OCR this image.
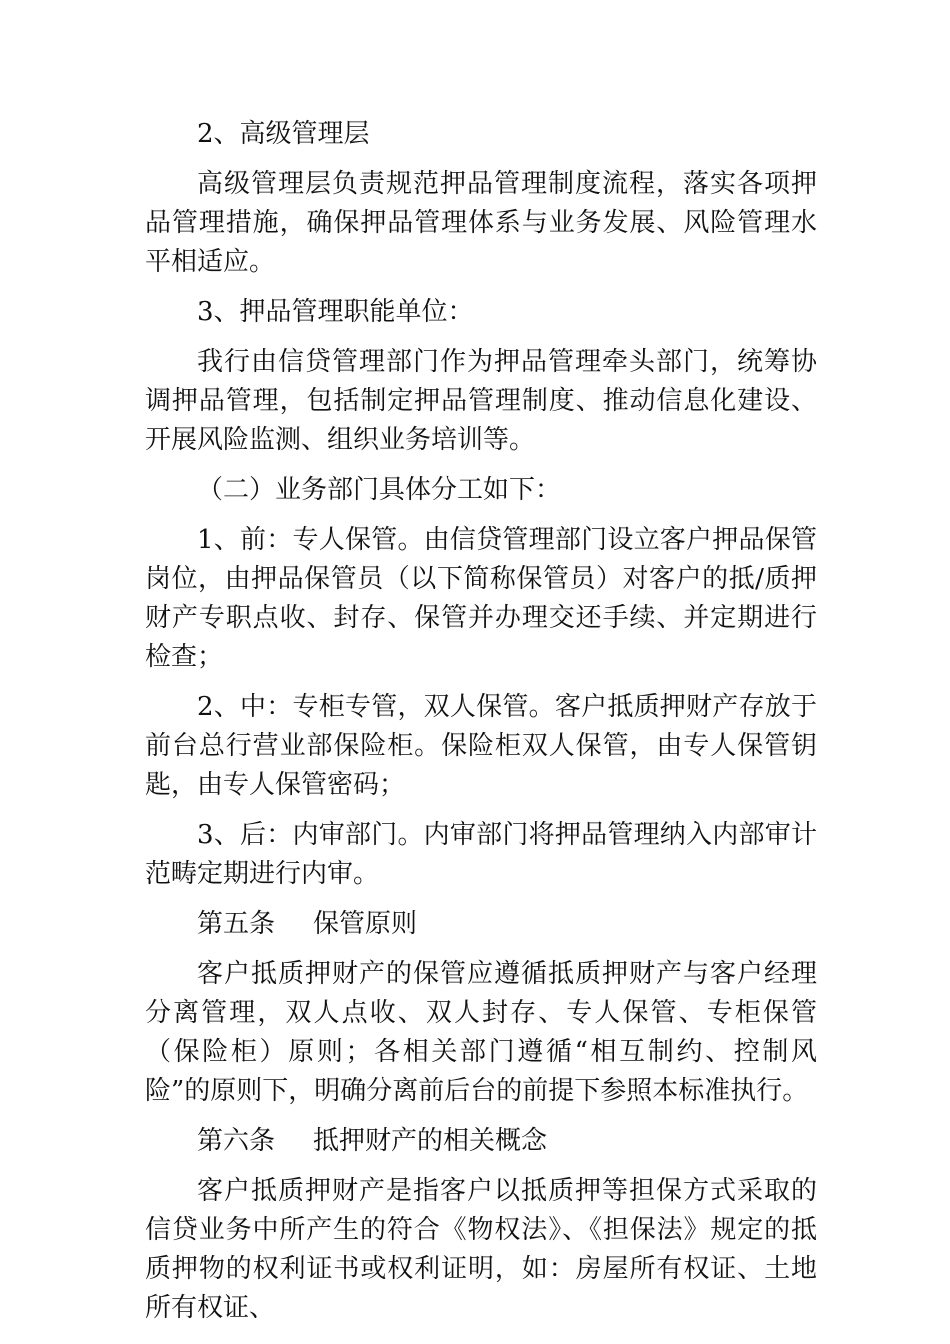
2、高级管理层

高级管理层负责规范押品管理制度流程，落实各项押品管理措施，确保押品管理体系与业务发展、风险管理水平相适应。

3、押品管理职能单位：

我行由信贷管理部门作为押品管理牵头部门，统筹协调押品管理，包括制定押品管理制度、推动信息化建设、开展风险监测、组织业务培训等。

（二）业务部门具体分工如下：

1、前：专人保管。由信贷管理部门设立客户押品保管岗位，由押品保管员（以下简称保管员）对客户的抵/质押财产专职点收、封存、保管并办理交还手续、并定期进行检查；

2、中：专柜专管，双人保管。客户抵质押财产存放于前台总行营业部保险柜。保险柜双人保管，由专人保管钥匙，由专人保管密码；

3、后：内审部门。内审部门将押品管理纳入内部审计范畴定期进行内审。

第五条 保管原则

客户抵质押财产的保管应遵循抵质押财产与客户经理分离管理，双人点收、双人封存、专人保管、专柜保管（保险柜）原则；各相关部门遵循“相互制约、控制风险”的原则下，明确分离前后台的前提下参照本标准执行。

第六条 抵押财产的相关概念

客户抵质押财产是指客户以抵质押等担保方式采取的信贷业务中所产生的符合《物权法》、《担保法》规定的抵质押物的权利证书或权利证明，如：房屋所有权证、土地所有权证、
